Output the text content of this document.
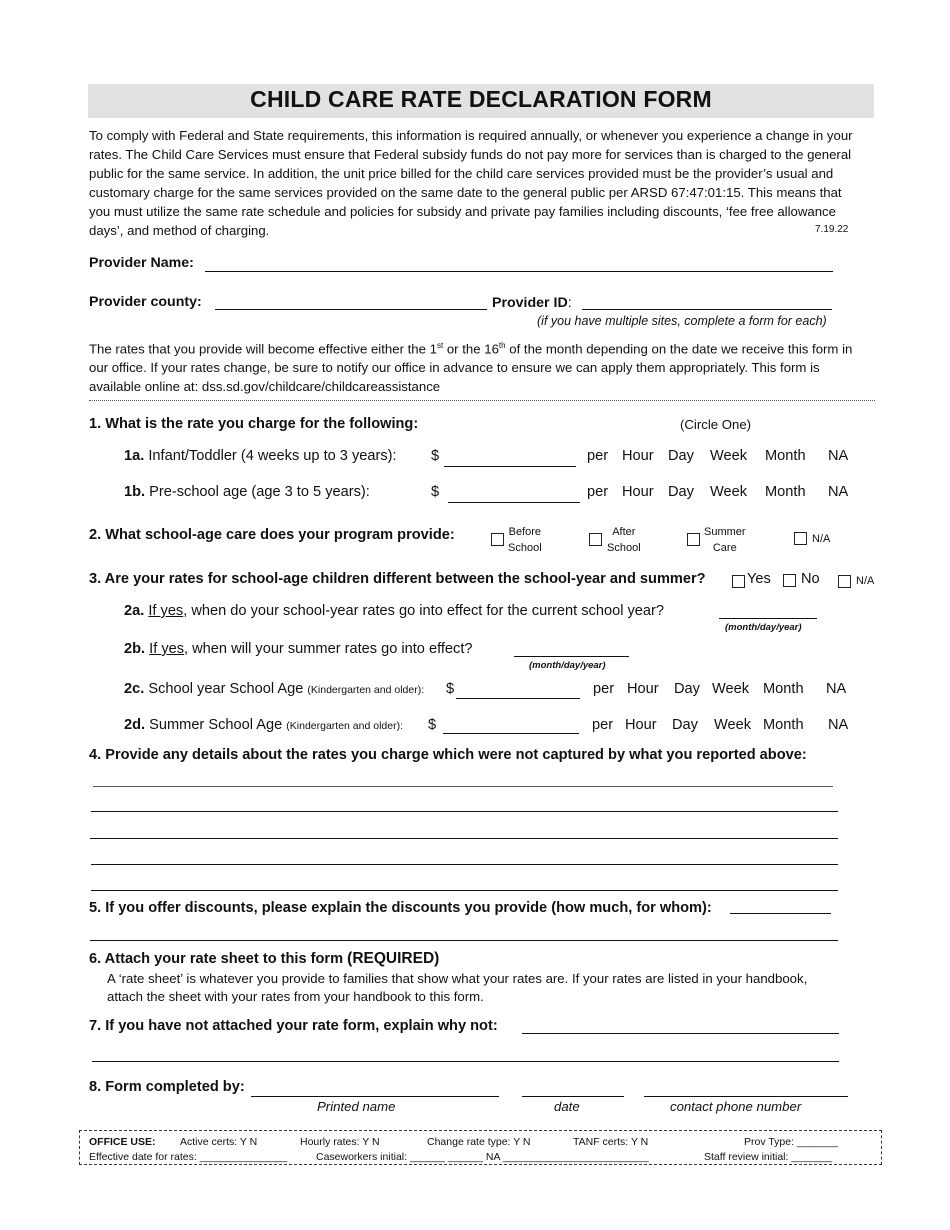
CHILD CARE RATE DECLARATION FORM
To comply with Federal and State requirements, this information is required annually, or whenever you experience a change in your rates. The Child Care Services must ensure that Federal subsidy funds do not pay more for services than is charged to the general public for the same service. In addition, the unit price billed for the child care services provided must be the provider’s usual and customary charge for the same services provided on the same date to the general public per ARSD 67:47:01:15. This means that you must utilize the same rate schedule and policies for subsidy and private pay families including discounts, ‘fee free allowance days’, and method of charging.	7.19.22
Provider Name:
Provider county:	Provider ID:
(if you have multiple sites, complete a form for each)
The rates that you provide will become effective either the 1st or the 16th of the month depending on the date we receive this form in our office. If your rates change, be sure to notify our office in advance to ensure we can apply them appropriately. This form is available online at: dss.sd.gov/childcare/childcareassistance
1. What is the rate you charge for the following:	(Circle One)
1a. Infant/Toddler (4 weeks up to 3 years): $	per Hour Day Week Month NA
1b. Pre-school age (age 3 to 5 years):	$	per Hour Day Week Month NA
2. What school-age care does your program provide:	Before
School
After
School
Summer
Care
N/A
3. Are your rates for school-age children different between the school-year and summer?	Yes No	N/A
2a. If yes, when do your school-year rates go into effect for the current school year?
(month/day/year)
2b. If yes, when will your summer rates go into effect?
(month/day/year)
2c. School year School Age (Kindergarten and older): $	per Hour Day Week Month NA
2d. Summer School Age (Kindergarten and older): $	per Hour Day Week Month NA
4. Provide any details about the rates you charge which were not captured by what you reported above:
5. If you offer discounts, please explain the discounts you provide (how much, for whom):
6. Attach your rate sheet to this form (REQUIRED)
A ‘rate sheet’ is whatever you provide to families that show what your rates are. If your rates are listed in your handbook, attach the sheet with your rates from your handbook to this form.
7. If you have not attached your rate form, explain why not:
8. Form completed by:
Printed name	date	contact phone number
OFFICE USE: Active certs: Y N	Hourly rates: Y N	Change rate type: Y N	TANF certs: Y N	Prov Type: _______
Effective date for rates: _______________	Caseworkers initial: ______ ______ NA _________________________	Staff review initial: _______
